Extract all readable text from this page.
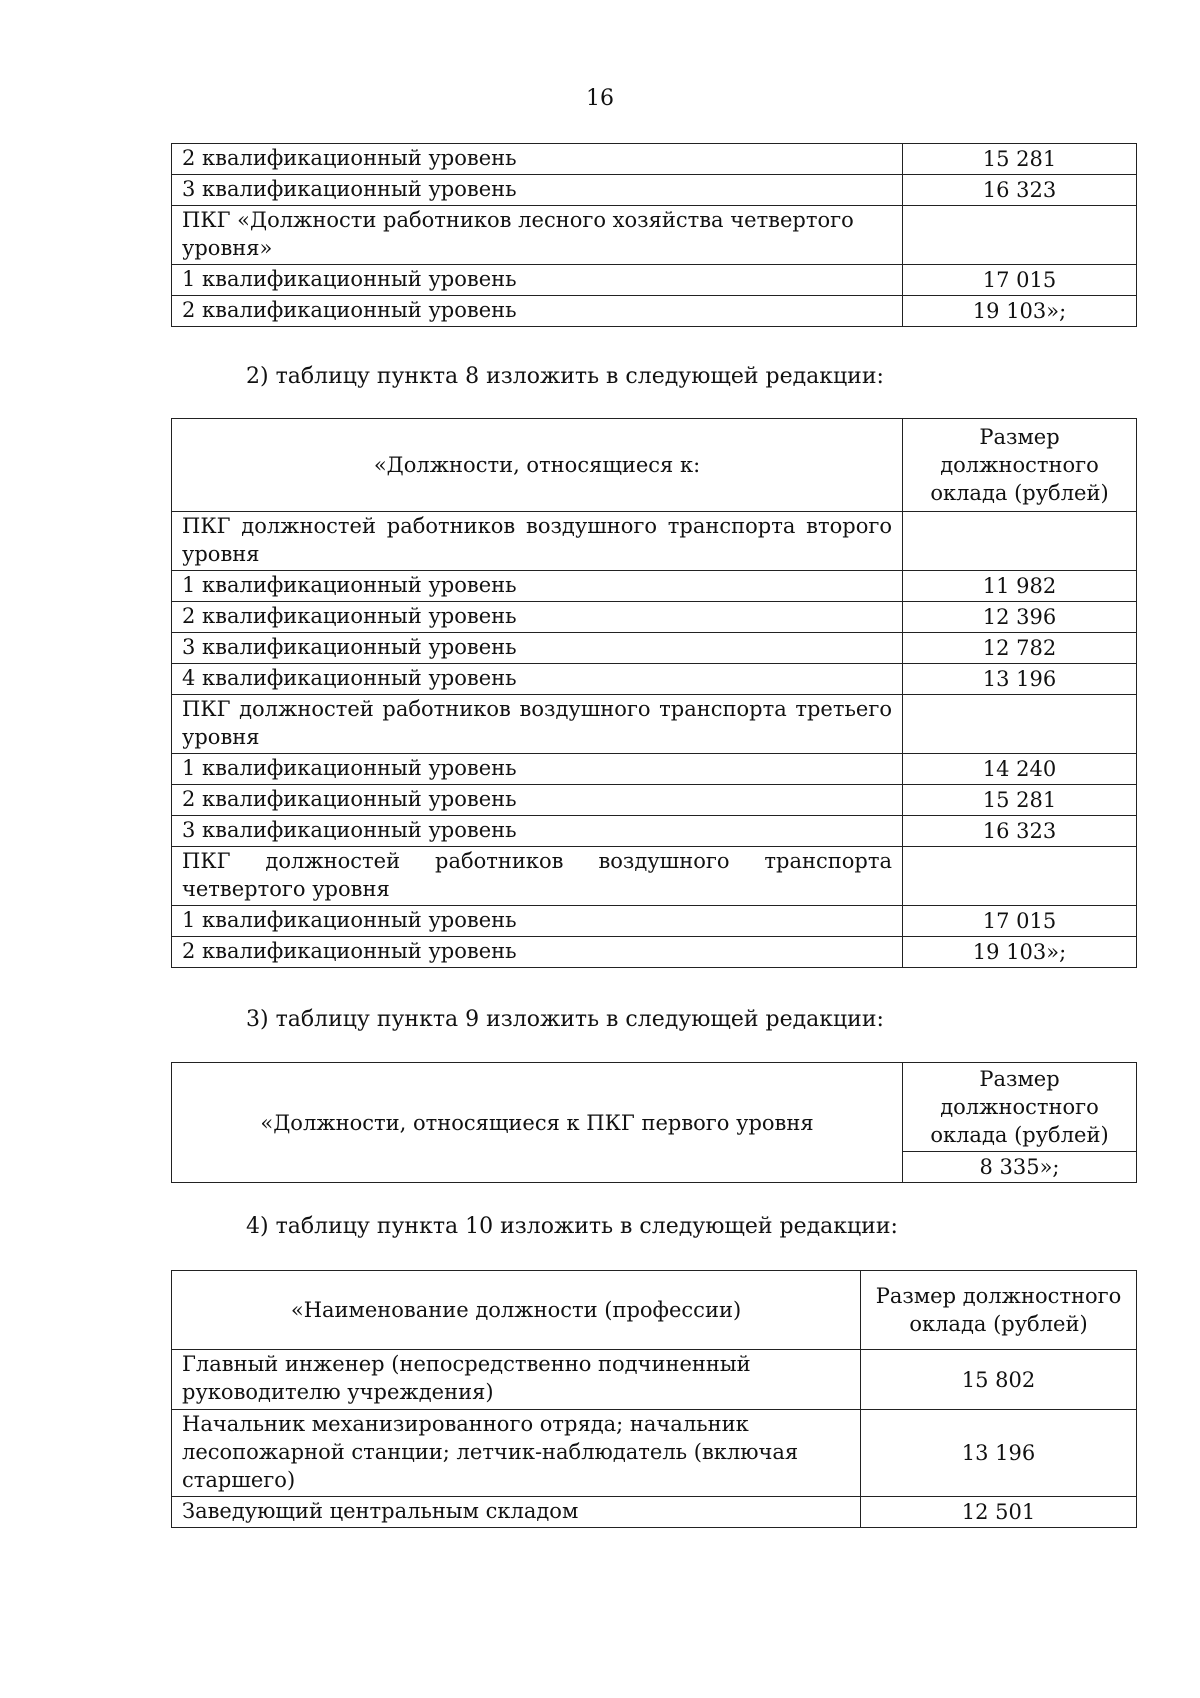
16
2 квалификационный уровень	15 281
3 квалификационный уровень	16 323
ПКГ «Должности работников лесного хозяйства четвертого уровня»	
1 квалификационный уровень	17 015
2 квалификационный уровень	19 103»;
2) таблицу пункта 8 изложить в следующей редакции:
«Должности, относящиеся к:	Размер должностного оклада (рублей)
ПКГ должностей работников воздушного транспорта второго уровня	
1 квалификационный уровень	11 982
2 квалификационный уровень	12 396
3 квалификационный уровень	12 782
4 квалификационный уровень	13 196
ПКГ должностей работников воздушного транспорта третьего уровня	
1 квалификационный уровень	14 240
2 квалификационный уровень	15 281
3 квалификационный уровень	16 323
ПКГ должностей работников воздушного транспорта четвертого уровня	
1 квалификационный уровень	17 015
2 квалификационный уровень	19 103»;
3) таблицу пункта 9 изложить в следующей редакции:
«Должности, относящиеся к ПКГ первого уровня	Размер должностного оклада (рублей)
8 335»;
4) таблицу пункта 10 изложить в следующей редакции:
«Наименование должности (профессии)	Размер должностного оклада (рублей)
Главный инженер (непосредственно подчиненный руководителю учреждения)	15 802
Начальник механизированного отряда; начальник лесопожарной станции; летчик-наблюдатель (включая старшего)	13 196
Заведующий центральным складом	12 501
